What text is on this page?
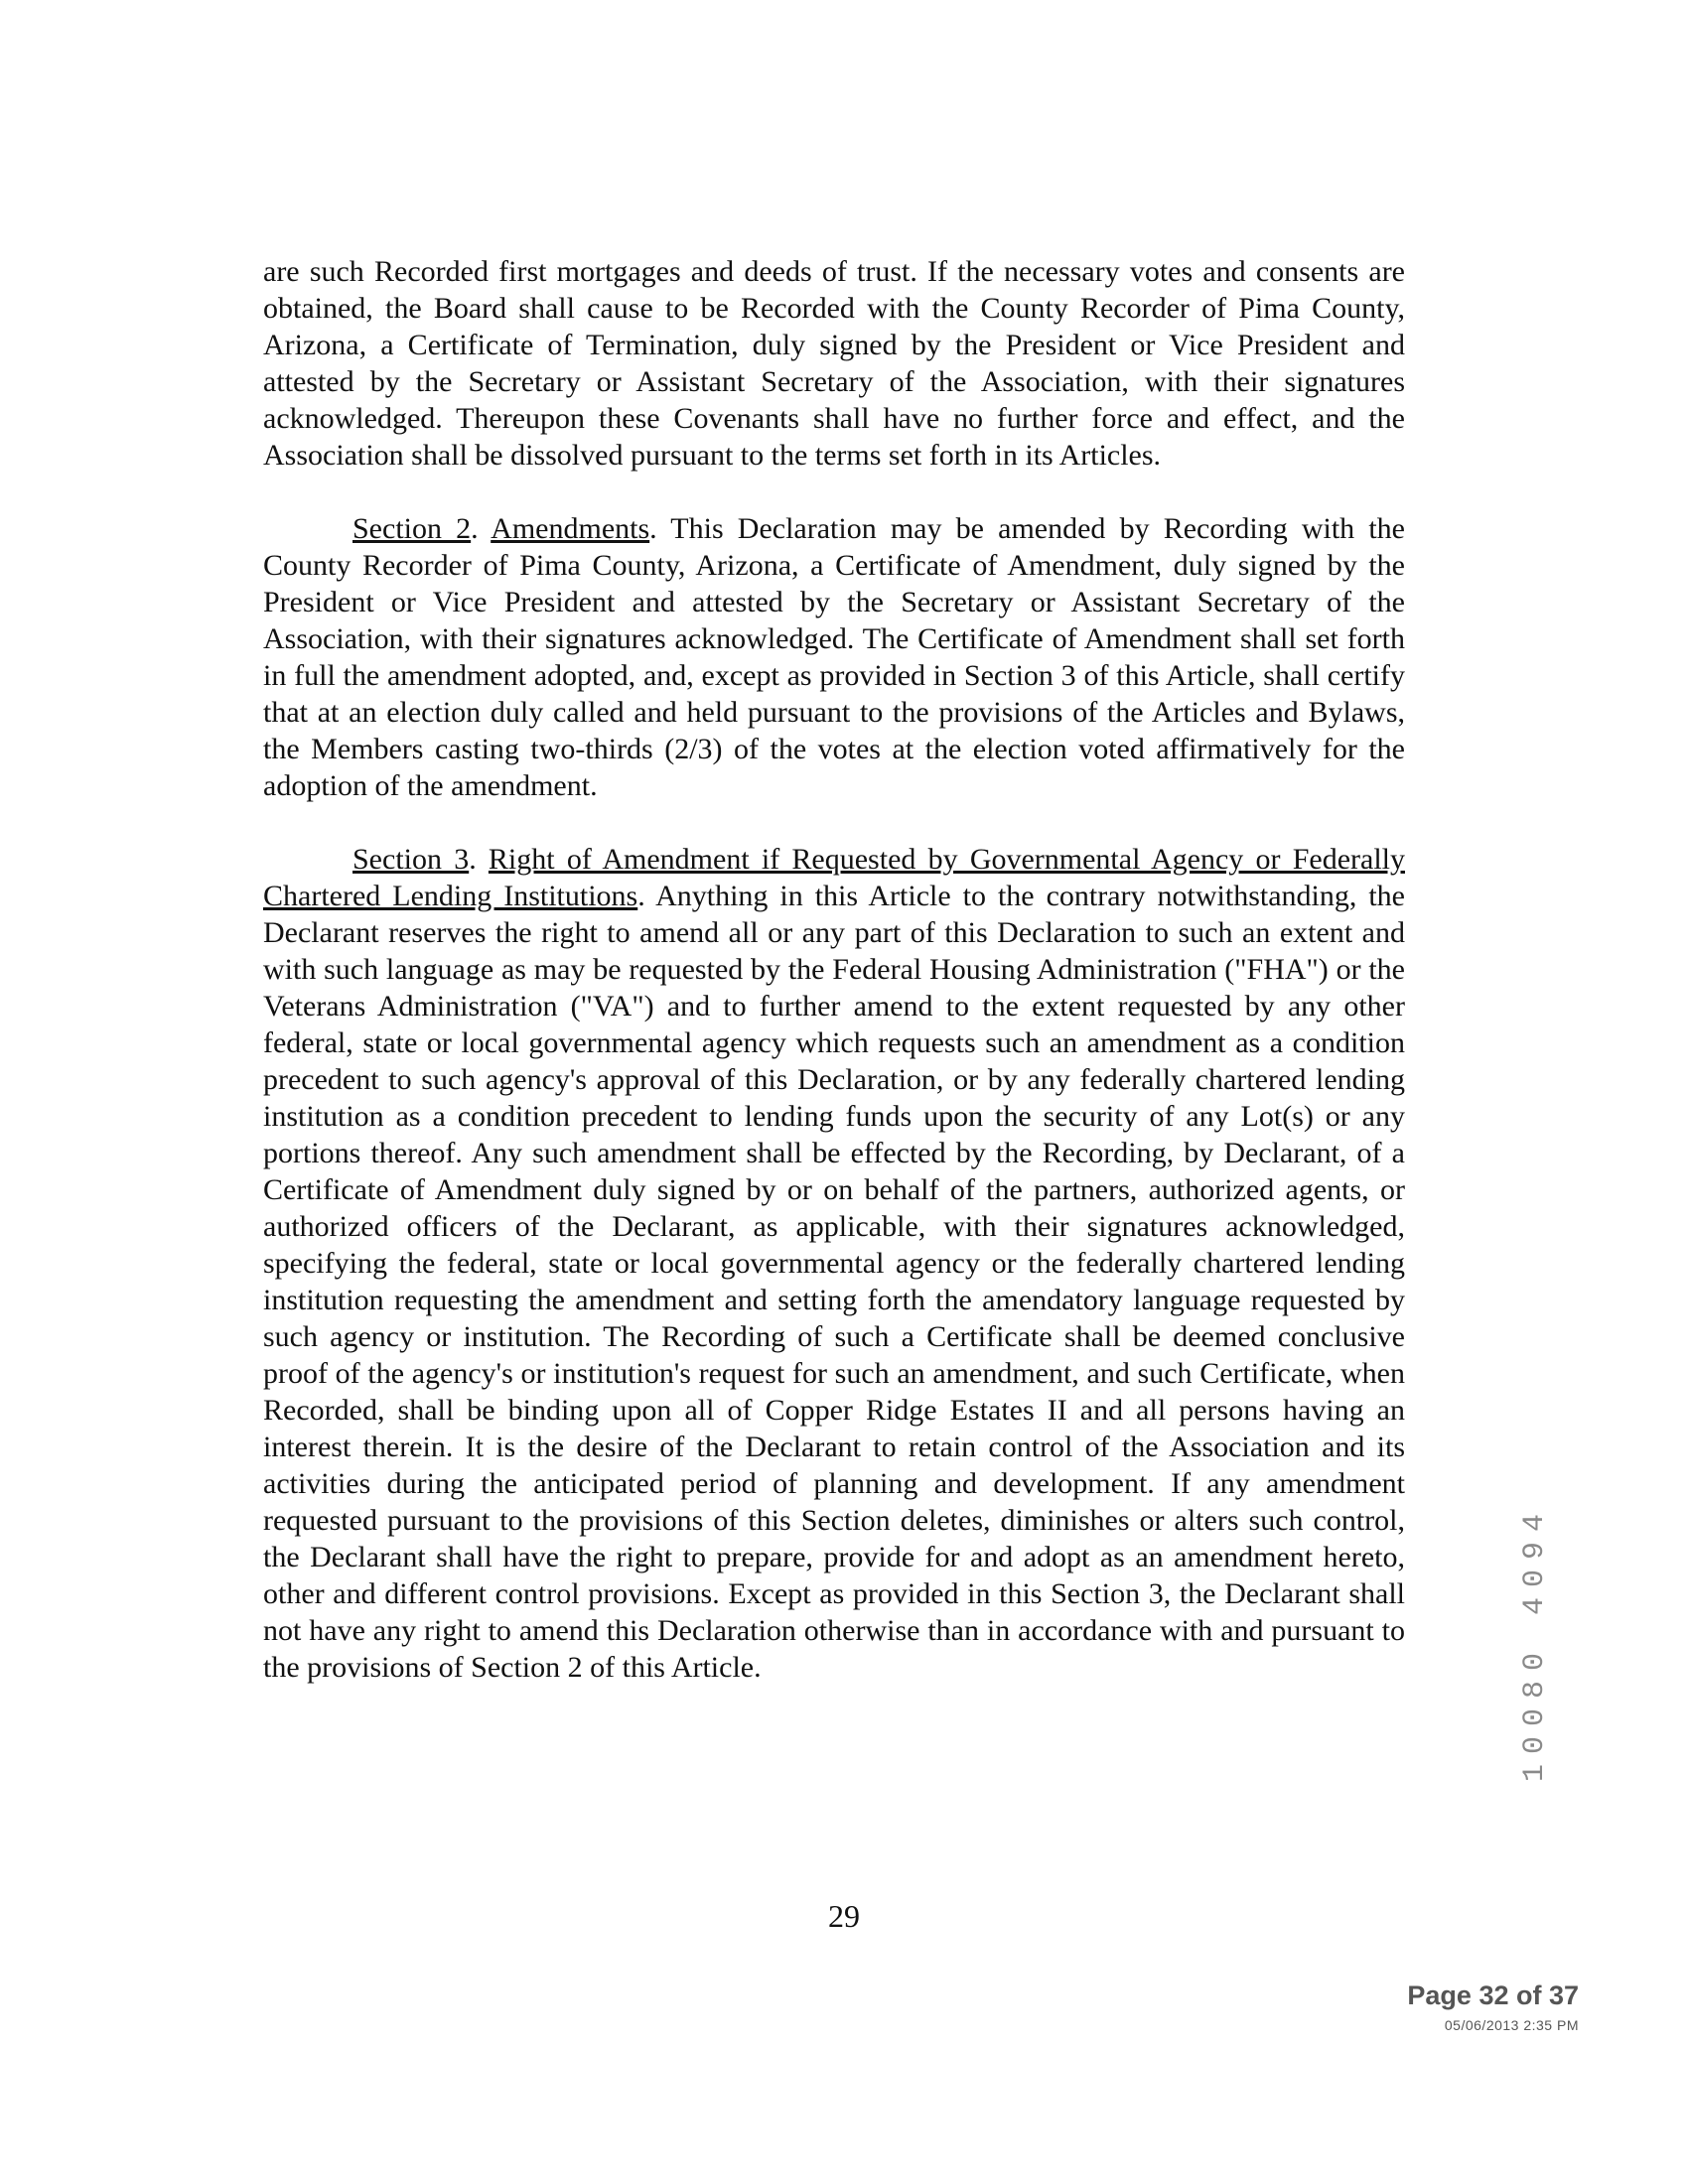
are such Recorded first mortgages and deeds of trust. If the necessary votes and consents are obtained, the Board shall cause to be Recorded with the County Recorder of Pima County, Arizona, a Certificate of Termination, duly signed by the President or Vice President and attested by the Secretary or Assistant Secretary of the Association, with their signatures acknowledged. Thereupon these Covenants shall have no further force and effect, and the Association shall be dissolved pursuant to the terms set forth in its Articles.

Section 2. Amendments. This Declaration may be amended by Recording with the County Recorder of Pima County, Arizona, a Certificate of Amendment, duly signed by the President or Vice President and attested by the Secretary or Assistant Secretary of the Association, with their signatures acknowledged. The Certificate of Amendment shall set forth in full the amendment adopted, and, except as provided in Section 3 of this Article, shall certify that at an election duly called and held pursuant to the provisions of the Articles and Bylaws, the Members casting two-thirds (2/3) of the votes at the election voted affirmatively for the adoption of the amendment.

Section 3. Right of Amendment if Requested by Governmental Agency or Federally Chartered Lending Institutions. Anything in this Article to the contrary notwithstanding, the Declarant reserves the right to amend all or any part of this Declaration to such an extent and with such language as may be requested by the Federal Housing Administration ("FHA") or the Veterans Administration ("VA") and to further amend to the extent requested by any other federal, state or local governmental agency which requests such an amendment as a condition precedent to such agency's approval of this Declaration, or by any federally chartered lending institution as a condition precedent to lending funds upon the security of any Lot(s) or any portions thereof. Any such amendment shall be effected by the Recording, by Declarant, of a Certificate of Amendment duly signed by or on behalf of the partners, authorized agents, or authorized officers of the Declarant, as applicable, with their signatures acknowledged, specifying the federal, state or local governmental agency or the federally chartered lending institution requesting the amendment and setting forth the amendatory language requested by such agency or institution. The Recording of such a Certificate shall be deemed conclusive proof of the agency's or institution's request for such an amendment, and such Certificate, when Recorded, shall be binding upon all of Copper Ridge Estates II and all persons having an interest therein. It is the desire of the Declarant to retain control of the Association and its activities during the anticipated period of planning and development. If any amendment requested pursuant to the provisions of this Section deletes, diminishes or alters such control, the Declarant shall have the right to prepare, provide for and adopt as an amendment hereto, other and different control provisions. Except as provided in this Section 3, the Declarant shall not have any right to amend this Declaration otherwise than in accordance with and pursuant to the provisions of Section 2 of this Article.	10080 4094
29
Page 32 of 37
05/06/2013 2:35 PM
